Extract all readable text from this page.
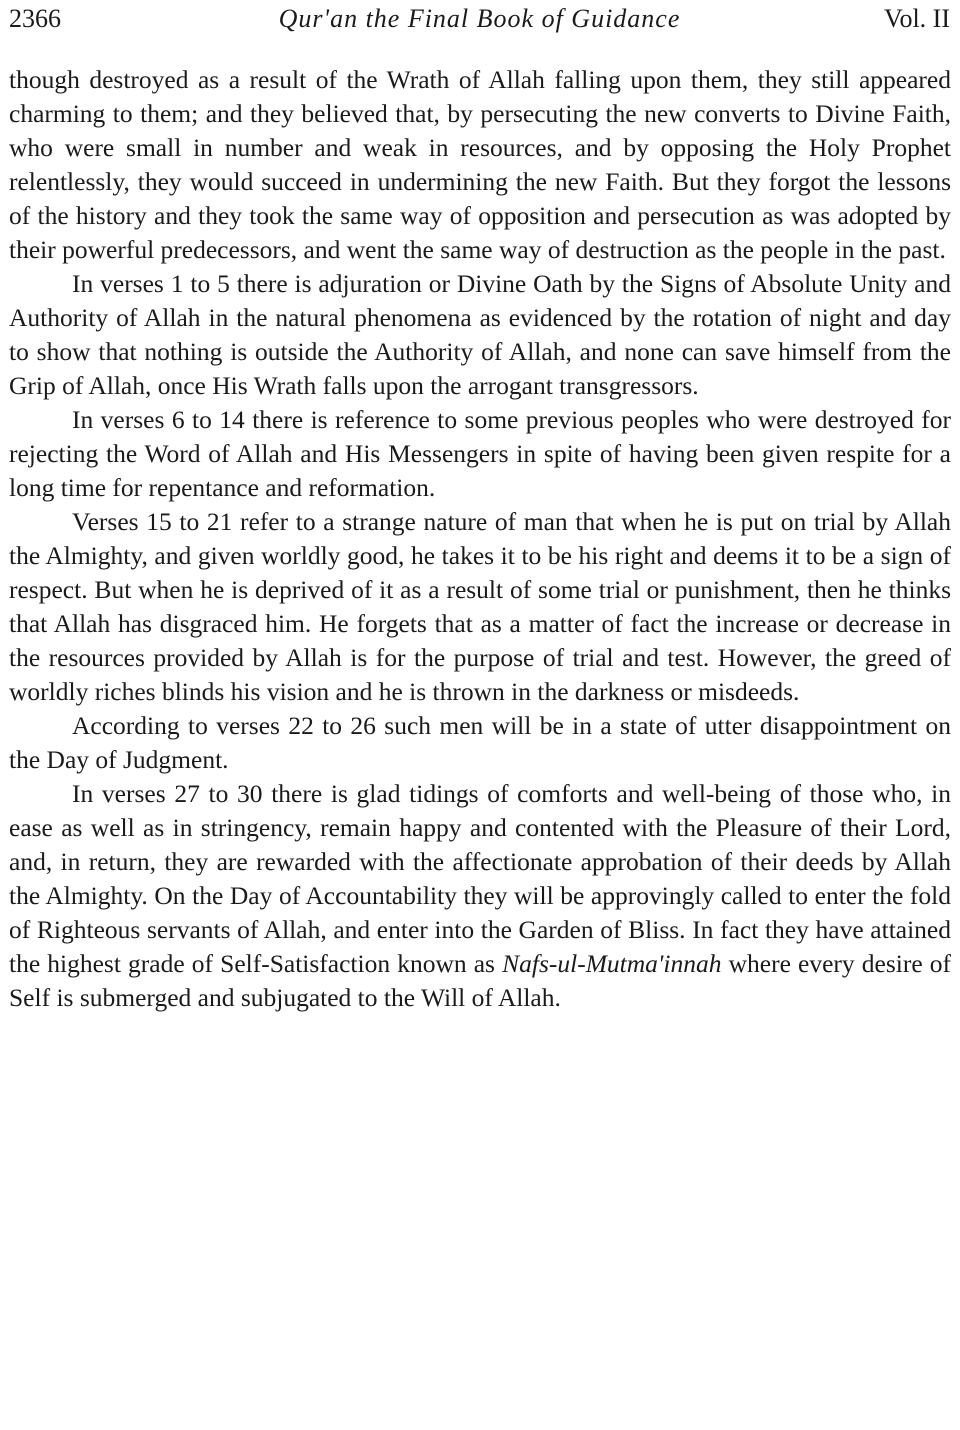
2366	Qur'an the Final Book of Guidance	Vol. II

though destroyed as a result of the Wrath of Allah falling upon them, they still appeared charming to them; and they believed that, by persecuting the new converts to Divine Faith, who were small in number and weak in resources, and by opposing the Holy Prophet relentlessly, they would succeed in undermining the new Faith. But they forgot the lessons of the history and they took the same way of opposition and persecution as was adopted by their powerful predecessors, and went the same way of destruction as the people in the past.

In verses 1 to 5 there is adjuration or Divine Oath by the Signs of Absolute Unity and Authority of Allah in the natural phenomena as evidenced by the rotation of night and day to show that nothing is outside the Authority of Allah, and none can save himself from the Grip of Allah, once His Wrath falls upon the arrogant transgressors.

In verses 6 to 14 there is reference to some previous peoples who were destroyed for rejecting the Word of Allah and His Messengers in spite of having been given respite for a long time for repentance and reformation.

Verses 15 to 21 refer to a strange nature of man that when he is put on trial by Allah the Almighty, and given worldly good, he takes it to be his right and deems it to be a sign of respect. But when he is deprived of it as a result of some trial or punishment, then he thinks that Allah has disgraced him. He forgets that as a matter of fact the increase or decrease in the resources provided by Allah is for the purpose of trial and test. However, the greed of worldly riches blinds his vision and he is thrown in the darkness or misdeeds.

According to verses 22 to 26 such men will be in a state of utter disappointment on the Day of Judgment.

In verses 27 to 30 there is glad tidings of comforts and well-being of those who, in ease as well as in stringency, remain happy and contented with the Pleasure of their Lord, and, in return, they are rewarded with the affectionate approbation of their deeds by Allah the Almighty. On the Day of Accountability they will be approvingly called to enter the fold of Righteous servants of Allah, and enter into the Garden of Bliss. In fact they have attained the highest grade of Self-Satisfaction known as Nafs-ul-Mutma'innah where every desire of Self is submerged and subjugated to the Will of Allah.
